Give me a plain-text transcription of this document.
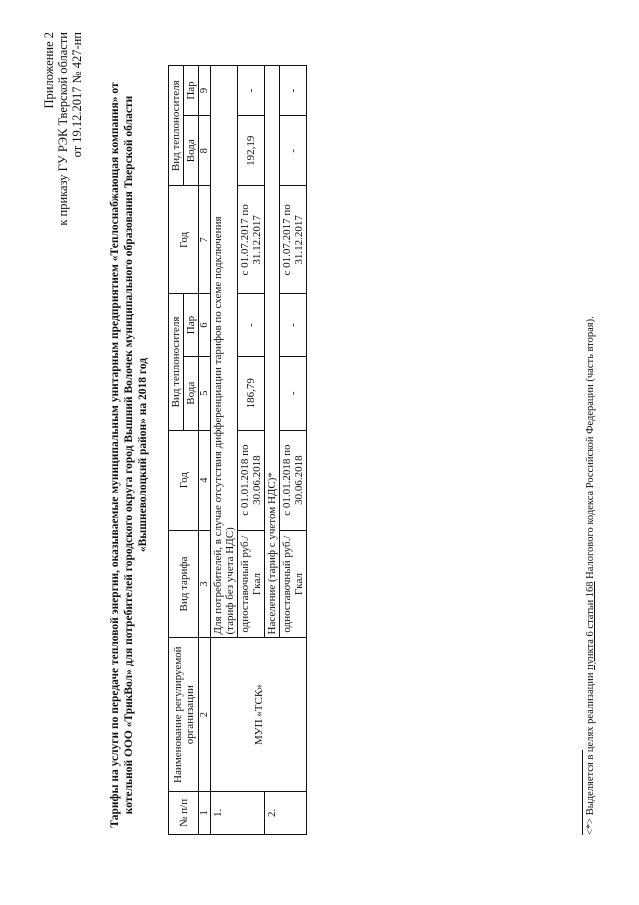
Приложение 2 к приказу ГУ РЭК Тверской области от 19.12.2017 № 427-нп Тарифы на услуги по передаче тепловой энергии, оказываемые муниципальным унитарным предприятием «Теплоснабжающая компания» от котельной ООО «ТрикВол» для потребителей городского округа город Вышний Волочек муниципального образования Тверской области «Вышневолоцкий район» на 2018 год
№ п/п	Наименование регулируемой организации	Вид тарифа	Год	Вид теплоносителя		Год	Вид теплоносителя	
				Вода	Пар		Вода	Пар
1	2	3	4	5	6	7	8	9
1.	МУП «ТСК»	Для потребителей, в случае отсутствия дифференциации тарифов по схеме подключения
(тариф без учета НДС)						
		одноставочный руб./Гкал	с 01.01.2018 по 30.06.2018	186,79	-	с 01.07.2017 по 31.12.2017	192,19	-
2.		Население (тариф с учетом НДС)*						
		одноставочный руб./Гкал	с 01.01.2018 по 30.06.2018	-	-	с 01.07.2017 по 31.12.2017	-	-
<*> Выделяется в целях реализации пункта 6 статьи 168 Налогового кодекса Российской Федерации (часть вторая).
